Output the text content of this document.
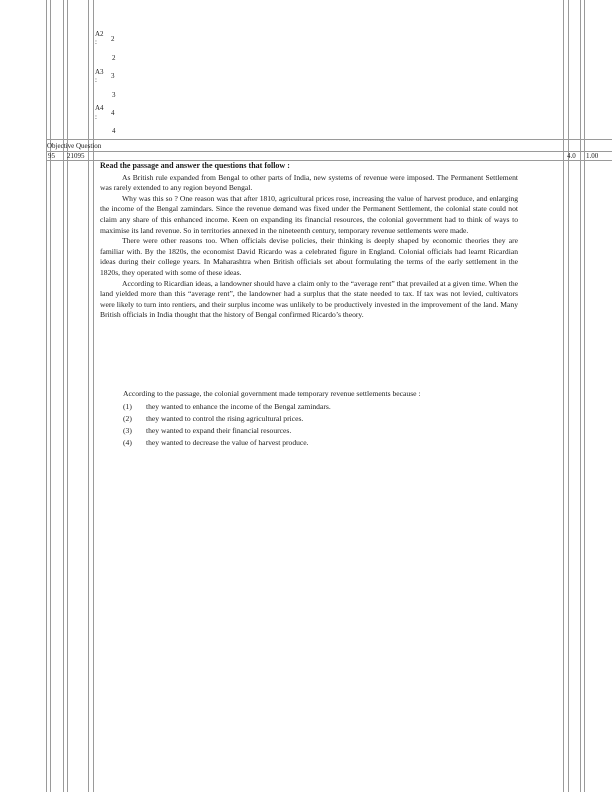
A2
: 2
2
A3
: 3
3
A4
: 4
4
Objective Question
95 21095	4.0 1.00

Read the passage and answer the questions that follow :

As British rule expanded from Bengal to other parts of India, new systems of revenue were imposed. The Permanent Settlement was rarely extended to any region beyond Bengal.

Why was this so ? One reason was that after 1810, agricultural prices rose, increasing the value of harvest produce, and enlarging the income of the Bengal zamindars. Since the revenue demand was fixed under the Permanent Settlement, the colonial state could not claim any share of this enhanced income. Keen on expanding its financial resources, the colonial government had to think of ways to maximise its land revenue. So in territories annexed in the nineteenth century, temporary revenue settlements were made.

There were other reasons too. When officials devise policies, their thinking is deeply shaped by economic theories they are familiar with. By the 1820s, the economist David Ricardo was a celebrated figure in England. Colonial officials had learnt Ricardian ideas during their college years. In Maharashtra when British officials set about formulating the terms of the early settlement in the 1820s, they operated with some of these ideas.

According to Ricardian ideas, a landowner should have a claim only to the “average rent” that prevailed at a given time. When the land yielded more than this “average rent”, the landowner had a surplus that the state needed to tax. If tax was not levied, cultivators were likely to turn into rentiers, and their surplus income was unlikely to be productively invested in the improvement of the land. Many British officials in India thought that the history of Bengal confirmed Ricardo’s theory.

According to the passage, the colonial government made temporary revenue settlements because :

(1)	they wanted to enhance the income of the Bengal zamindars.
(2)	they wanted to control the rising agricultural prices.
(3)	they wanted to expand their financial resources.
(4)	they wanted to decrease the value of harvest produce.
